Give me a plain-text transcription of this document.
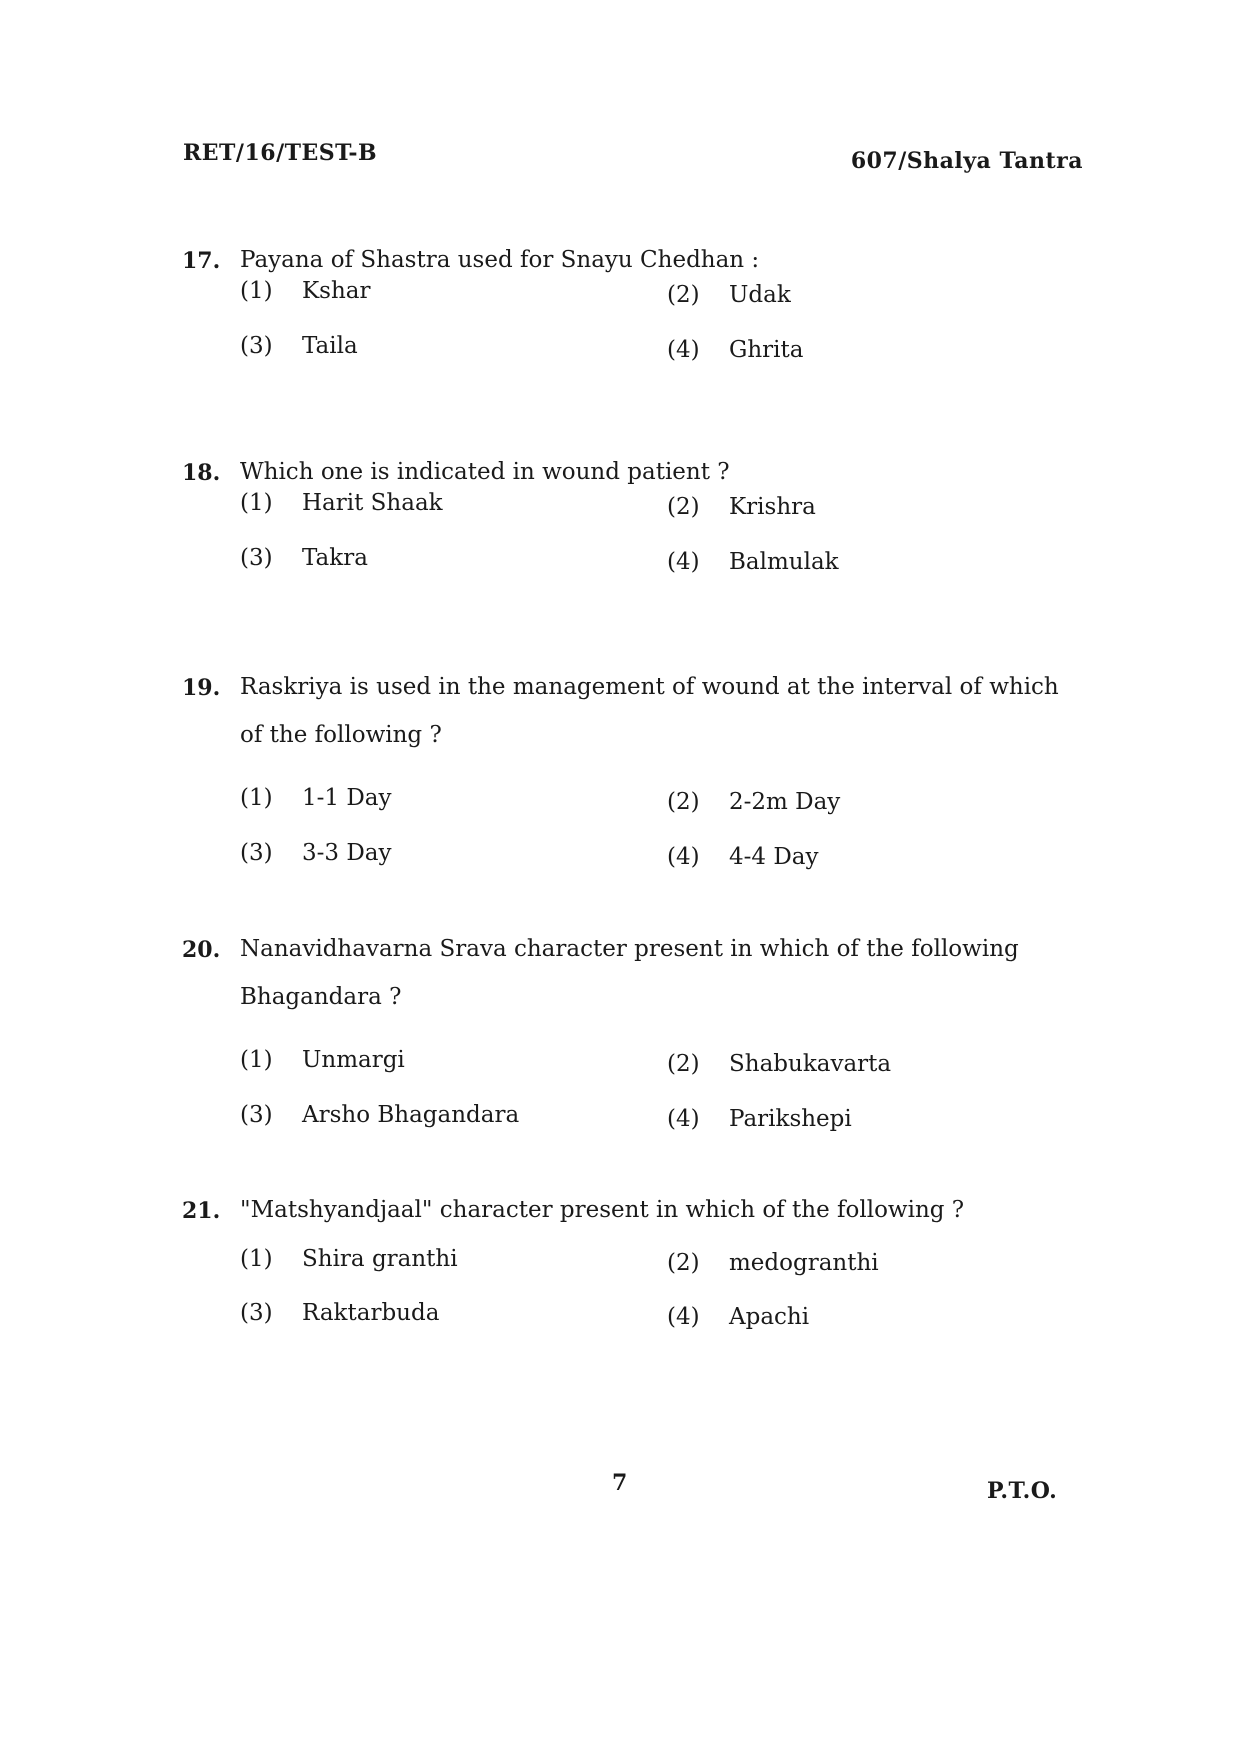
RET/16/TEST-B	607/Shalya Tantra
17. Payana of Shastra used for Snayu Chedhan :
(1) Kshar	(2) Udak
(3) Taila	(4) Ghrita
18. Which one is indicated in wound patient ?
(1) Harit Shaak	(2) Krishra
(3) Takra	(4) Balmulak
19. Raskriya is used in the management of wound at the interval of which of the following ?
(1) 1-1 Day	(2) 2-2m Day
(3) 3-3 Day	(4) 4-4 Day
20. Nanavidhavarna Srava character present in which of the following Bhagandara ?
(1) Unmargi	(2) Shabukavarta
(3) Arsho Bhagandara	(4) Parikshepi
21. "Matshyandjaal" character present in which of the following ?
(1) Shira granthi	(2) medogranthi
(3) Raktarbuda	(4) Apachi
7	P.T.O.
